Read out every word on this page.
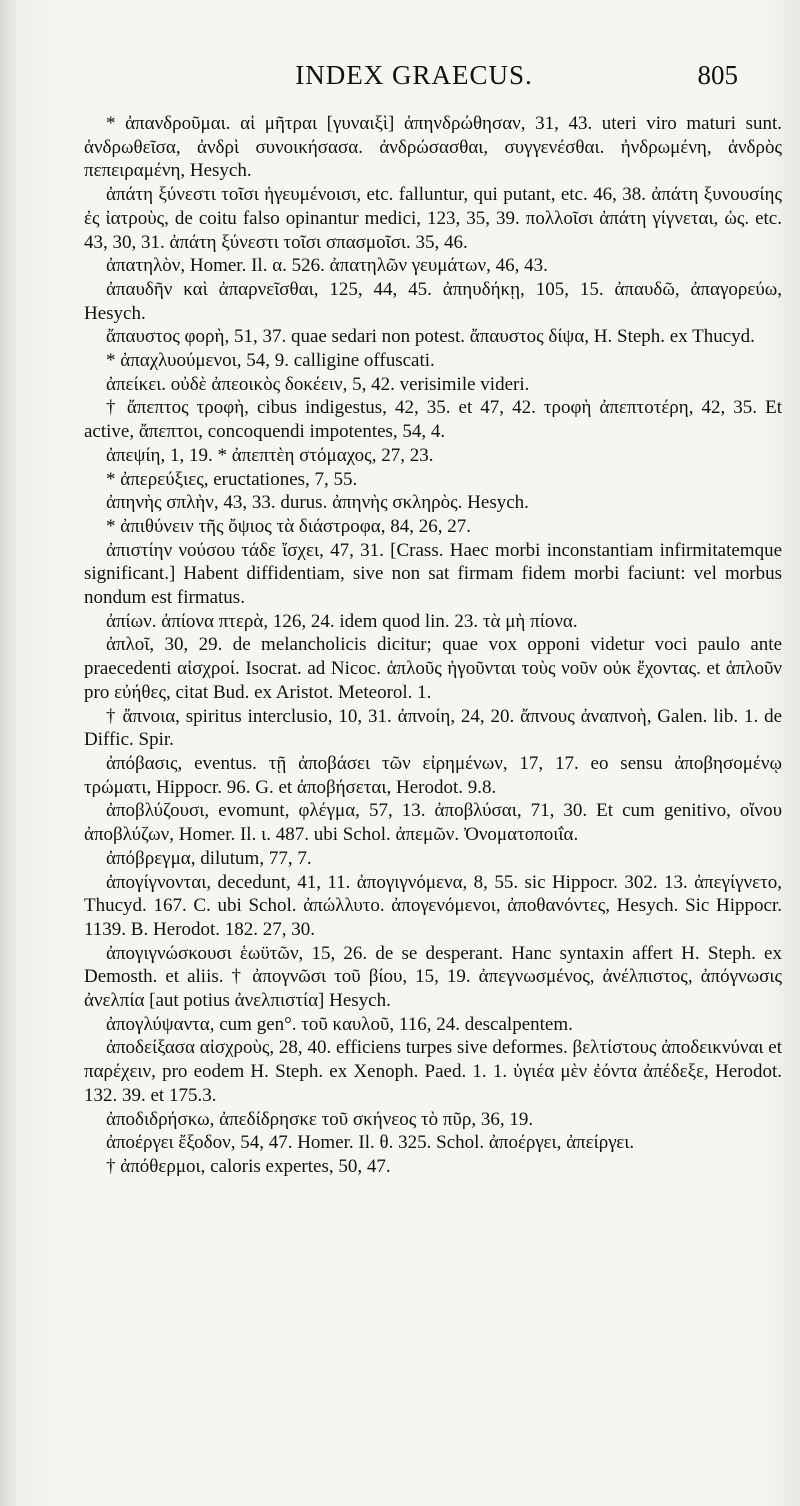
INDEX GRAECUS.	805

* ἀπανδροῦμαι. αἱ μῆτραι [γυναιξὶ] ἀπηνδρώθησαν, 31, 43. uteri viro maturi sunt. ἀνδρωθεῖσα, ἀνδρὶ συνοικήσασα. ἀνδρώσασθαι, συγγενέσθαι. ἠνδρωμένη, ἀνδρὸς πεπειραμένη, Hesych.

ἀπάτη ξύνεστι τοῖσι ἡγευμένοισι, etc. falluntur, qui putant, etc. 46, 38. ἀπάτη ξυνουσίης ἐς ἰατροὺς, de coitu falso opinantur medici, 123, 35, 39. πολλοῖσι ἀπάτη γίγνεται, ὡς. etc. 43, 30, 31. ἀπάτη ξύνεστι τοῖσι σπασμοῖσι. 35, 46.

ἀπατηλὸν, Homer. Il. α. 526. ἀπατηλῶν γευμάτων, 46, 43.

ἀπαυδῆν καὶ ἀπαρνεῖσθαι, 125, 44, 45. ἀπηυδήκῃ, 105, 15. ἀπαυδῶ, ἀπαγορεύω, Hesych.

ἄπαυστος φορὴ, 51, 37. quae sedari non potest. ἄπαυστος δίψα, H. Steph. ex Thucyd.

* ἀπαχλυούμενοι, 54, 9. calligine offuscati.

ἀπείκει. οὐδὲ ἀπεοικὸς δοκέειν, 5, 42. verisimile videri.

† ἄπεπτος τροφὴ, cibus indigestus, 42, 35. et 47, 42. τροφὴ ἀπεπτοτέρη, 42, 35. Et active, ἄπεπτοι, concoquendi impotentes, 54, 4.

ἀπεψίη, 1, 19. * ἀπεπτὲη στόμαχος, 27, 23.

* ἀπερεύξιες, eructationes, 7, 55.

ἀπηνὴς σπλὴν, 43, 33. durus. ἀπηνὴς σκληρὸς. Hesych.

* ἀπιθύνειν τῆς ὄψιος τὰ διάστροφα, 84, 26, 27.

ἀπιστίην νούσου τάδε ἴσχει, 47, 31. [Crass. Haec morbi inconstantiam infirmitatemque significant.] Habent diffidentiam, sive non sat firmam fidem morbi faciunt: vel morbus nondum est firmatus.

ἀπίων. ἀπίονα πτερὰ, 126, 24. idem quod lin. 23. τὰ μὴ πίονα.

ἀπλοῖ, 30, 29. de melancholicis dicitur; quae vox opponi videtur voci paulo ante praecedenti αἰσχροί. Isocrat. ad Nicoc. ἁπλοῦς ἡγοῦνται τοὺς νοῦν οὐκ ἔχοντας. et ἁπλοῦν pro εὐήθες, citat Bud. ex Aristot. Meteorol. 1.

† ἄπνοια, spiritus interclusio, 10, 31. ἀπνοίη, 24, 20. ἄπνους ἀναπνοὴ, Galen. lib. 1. de Diffic. Spir.

ἀπόβασις, eventus. τῇ ἀποβάσει τῶν εἰρημένων, 17, 17. eo sensu ἀποβησομένῳ τρώματι, Hippocr. 96. G. et ἀποβήσεται, Herodot. 9.8.

ἀποβλύζουσι, evomunt, φλέγμα, 57, 13. ἀποβλύσαι, 71, 30. Et cum genitivo, οἴνου ἀποβλύζων, Homer. Il. ι. 487. ubi Schol. ἀπεμῶν. Ὀνοματοποιΐα.

ἀπόβρεγμα, dilutum, 77, 7.

ἀπογίγνονται, decedunt, 41, 11. ἀπογιγνόμενα, 8, 55. sic Hippocr. 302. 13. ἀπεγίγνετο, Thucyd. 167. C. ubi Schol. ἀπώλλυτο. ἀπογενόμενοι, ἀποθανόντες, Hesych. Sic Hippocr. 1139. B. Herodot. 182. 27, 30.

ἀπογιγνώσκουσι ἑωϋτῶν, 15, 26. de se desperant. Hanc syntaxin affert H. Steph. ex Demosth. et aliis. † ἀπογνῶσι τοῦ βίου, 15, 19. ἀπεγνωσμένος, ἀνέλπιστος, ἀπόγνωσις ἀνελπία [aut potius ἀνελπιστία] Hesych.

ἀπογλύψαντα, cum gen°. τοῦ καυλοῦ, 116, 24. descalpentem.

ἀποδείξασα αἰσχροὺς, 28, 40. efficiens turpes sive deformes. βελτίστους ἀποδεικνύναι et παρέχειν, pro eodem H. Steph. ex Xenoph. Paed. 1. 1. ὑγιέα μὲν ἐόντα ἀπέδεξε, Herodot. 132. 39. et 175.3.

ἀποδιδρήσκω, ἀπεδίδρησκε τοῦ σκήνεος τὸ πῦρ, 36, 19.

ἀποέργει ἔξοδον, 54, 47. Homer. Il. θ. 325. Schol. ἀποέργει, ἀπείργει.

† ἀπόθερμοι, caloris expertes, 50, 47.
